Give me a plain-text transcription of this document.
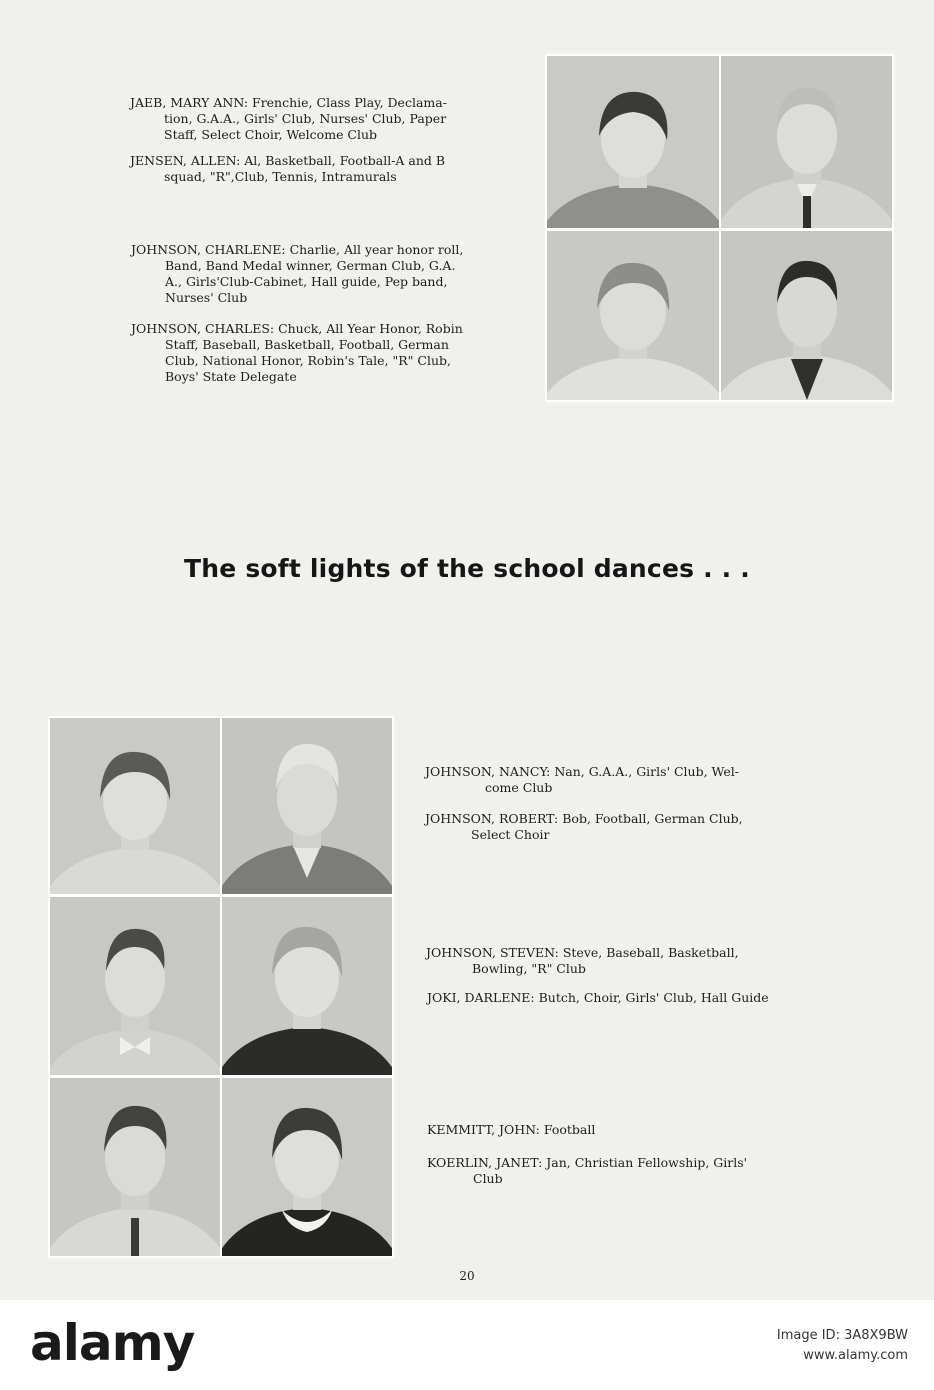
JAEB, MARY ANN: Frenchie, Class Play, Declama-
tion, G.A.A., Girls' Club, Nurses' Club, Paper
Staff, Select Choir, Welcome Club
JENSEN, ALLEN: Al, Basketball, Football-A and B
squad, "R",Club, Tennis, Intramurals
JOHNSON, CHARLENE: Charlie, All year honor roll,
Band, Band Medal winner, German Club, G.A.
A., Girls'Club-Cabinet, Hall guide, Pep band,
Nurses' Club
JOHNSON, CHARLES: Chuck, All Year Honor, Robin
Staff, Baseball, Basketball, Football, German
Club, National Honor, Robin's Tale, "R" Club,
Boys' State Delegate
The soft lights of the school dances . . .
JOHNSON, NANCY: Nan, G.A.A., Girls' Club, Wel-
come Club
JOHNSON, ROBERT: Bob, Football, German Club,
Select Choir
JOHNSON, STEVEN: Steve, Baseball, Basketball,
Bowling, "R" Club
JOKI, DARLENE: Butch, Choir, Girls' Club, Hall Guide
KEMMITT, JOHN: Football
KOERLIN, JANET: Jan, Christian Fellowship, Girls'
Club
20
alamy	Image ID: 3A8X9BW
www.alamy.com
